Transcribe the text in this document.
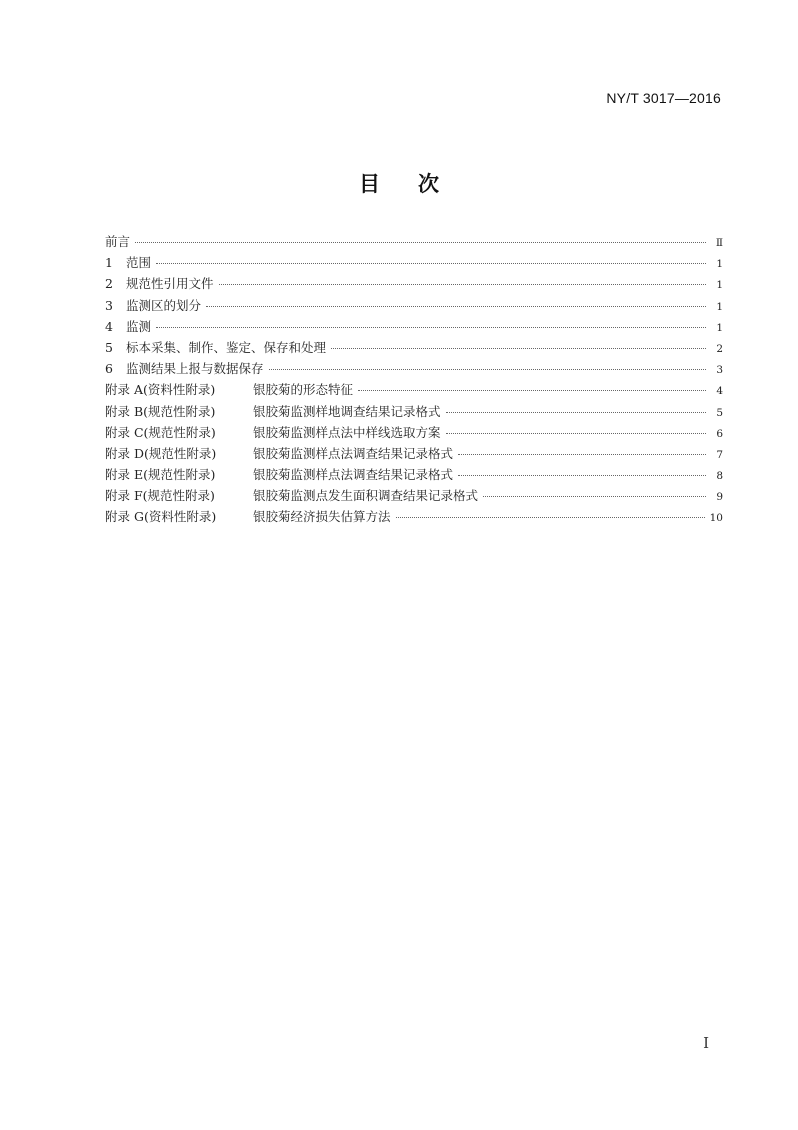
NY/T 3017—2016
目 次
前言	Ⅱ
1	范围	1
2	规范性引用文件	1
3	监测区的划分	1
4	监测	1
5	标本采集、制作、鉴定、保存和处理	2
6	监测结果上报与数据保存	3
附录 A(资料性附录)	银胶菊的形态特征	4
附录 B(规范性附录)	银胶菊监测样地调查结果记录格式	5
附录 C(规范性附录)	银胶菊监测样点法中样线选取方案	6
附录 D(规范性附录)	银胶菊监测样点法调查结果记录格式	7
附录 E(规范性附录)	银胶菊监测样点法调查结果记录格式	8
附录 F(规范性附录)	银胶菊监测点发生面积调查结果记录格式	9
附录 G(资料性附录)	银胶菊经济损失估算方法	10
I
